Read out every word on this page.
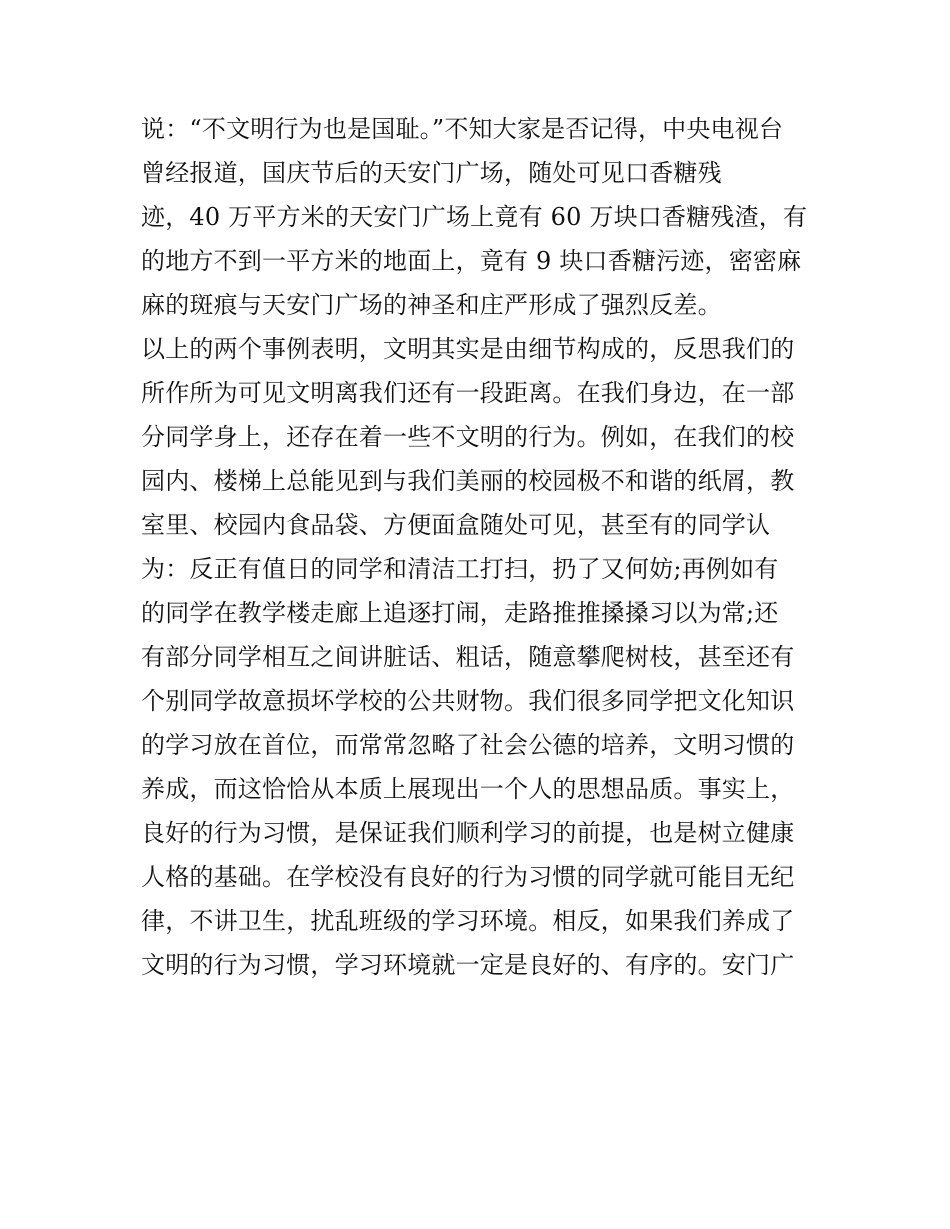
说：“不文明行为也是国耻。”不知大家是否记得，中央电视台
曾经报道，国庆节后的天安门广场，随处可见口香糖残
迹，40 万平方米的天安门广场上竟有 60 万块口香糖残渣，有
的地方不到一平方米的地面上，竟有 9 块口香糖污迹，密密麻
麻的斑痕与天安门广场的神圣和庄严形成了强烈反差。
以上的两个事例表明，文明其实是由细节构成的，反思我们的
所作所为可见文明离我们还有一段距离。在我们身边，在一部
分同学身上，还存在着一些不文明的行为。例如，在我们的校
园内、楼梯上总能见到与我们美丽的校园极不和谐的纸屑，教
室里、校园内食品袋、方便面盒随处可见，甚至有的同学认
为：反正有值日的同学和清洁工打扫，扔了又何妨;再例如有
的同学在教学楼走廊上追逐打闹，走路推推搡搡习以为常;还
有部分同学相互之间讲脏话、粗话，随意攀爬树枝，甚至还有
个别同学故意损坏学校的公共财物。我们很多同学把文化知识
的学习放在首位，而常常忽略了社会公德的培养，文明习惯的
养成，而这恰恰从本质上展现出一个人的思想品质。事实上，
良好的行为习惯，是保证我们顺利学习的前提，也是树立健康
人格的基础。在学校没有良好的行为习惯的同学就可能目无纪
律，不讲卫生，扰乱班级的学习环境。相反，如果我们养成了
文明的行为习惯，学习环境就一定是良好的、有序的。安门广
